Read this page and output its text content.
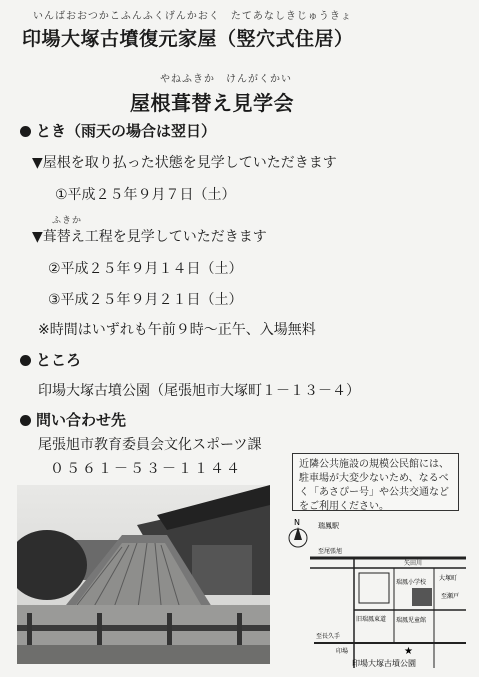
いんばおおつかこふんふくげんかおく　たてあなしきじゅうきょ
印場大塚古墳復元家屋（竪穴式住居）
やねふきか　けんがくかい
屋根葺替え見学会
とき（雨天の場合は翌日）
▼屋根を取り払った状態を見学していただきます
①平成２５年９月７日（土）
ふきか
▼葺替え工程を見学していただきます
②平成２５年９月１４日（土）
③平成２５年９月２１日（土）
※時間はいずれも午前９時～正午、入場無料
ところ
印場大塚古墳公園（尾張旭市大塚町１－１３－４）
問い合わせ先
尾張旭市教育委員会文化スポーツ課
０５６１－５３－１１４４	近隣公共施設の規模公民館には、駐車場が大変少ないため、なるべく「あさぴー号」や公共交通などをご利用ください。
N	瑞鳳駅
至尾張旭
矢田川
瑞鳳小学校
瑞鳳児童館
旧瑞鳳東道
大塚町
至瀬戸
至長久手
印場	★
印場大塚古墳公園
